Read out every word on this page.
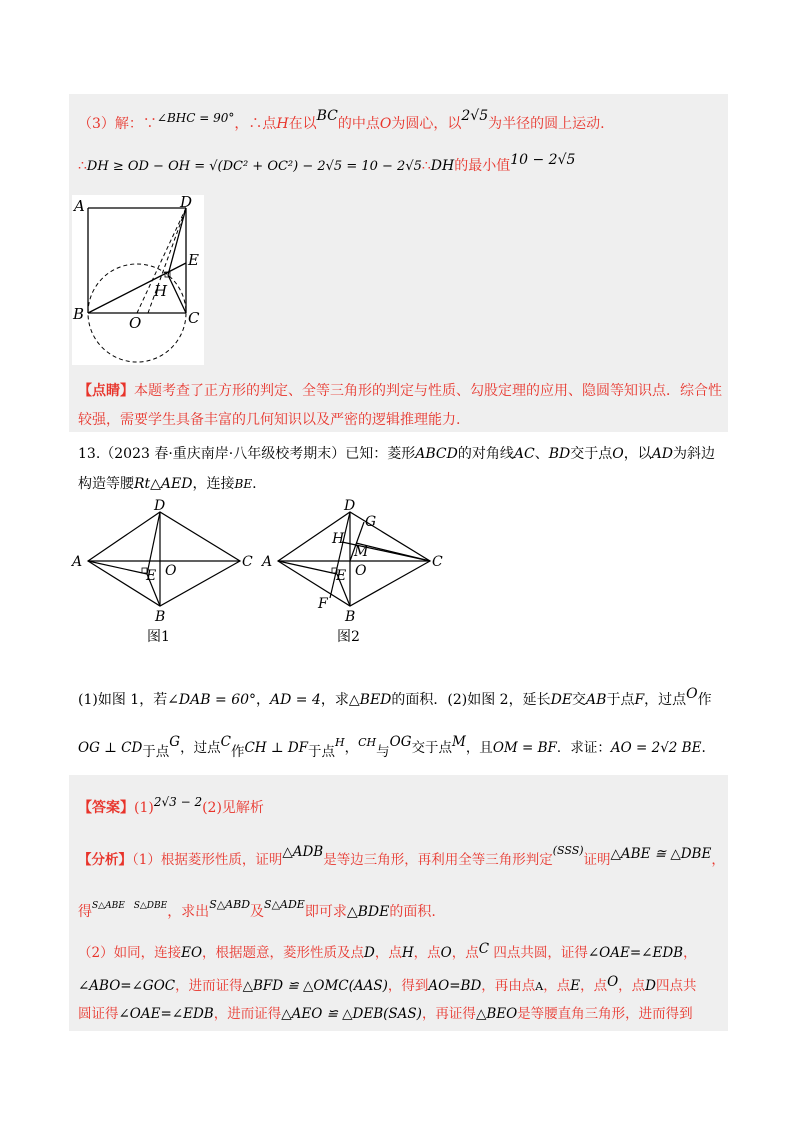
（3）解：∵∠BHC = 90°，∴点H在以BC的中点O为圆心，以2√5为半径的圆上运动.
∴DH ≥ OD − OH = √(DC² + OC²) − 2√5 = 10 − 2√5∴DH的最小值10 − 2√5
A	D
E
H
B	O	C
【点睛】本题考查了正方形的判定、全等三角形的判定与性质、勾股定理的应用、隐圆等知识点．综合性
较强，需要学生具备丰富的几何知识以及严密的逻辑推理能力.
13.（2023 春·重庆南岸·八年级校考期末）已知：菱形ABCD的对角线AC、BD交于点O，以AD为斜边
构造等腰Rt△AED，连接BE.
A
D
C
B
E O
图1
A
D
G
H
M
C
E O
F
B
图2
(1)如图 1，若∠DAB = 60°，AD = 4，求△BED的面积．(2)如图 2，延长DE交AB于点F，过点O作
OG ⊥ CD于点G，过点C作CH ⊥ DF于点$^H$，$^{CH}$与OG交于点M，且OM = BF．求证：AO = 2√2 BE.
【答案】(1)2√3 − 2(2)见解析
【分析】（1）根据菱形性质，证明△ADB是等边三角形，再利用全等三角形判定$^{(SSS)}$证明△ABE ≅ △DBE，
得$^{S\triangle ABE}$ $^{S\triangle DBE}$，求出$^{S\triangle ABD}$及$^{S\triangle ADE}$即可求△BDE的面积.
（2）如同，连接EO，根据题意，菱形性质及点D，点H，点O，点C 四点共圆，证得∠OAE=∠EDB，
∠ABO=∠GOC，进而证得△BFD ≌ △OMC(AAS)，得到AO=BD，再由点A，点E，点O，点D四点共
圆证得∠OAE=∠EDB，进而证得△AEO ≌ △DEB(SAS)，再证得△BEO是等腰直角三角形，进而得到
